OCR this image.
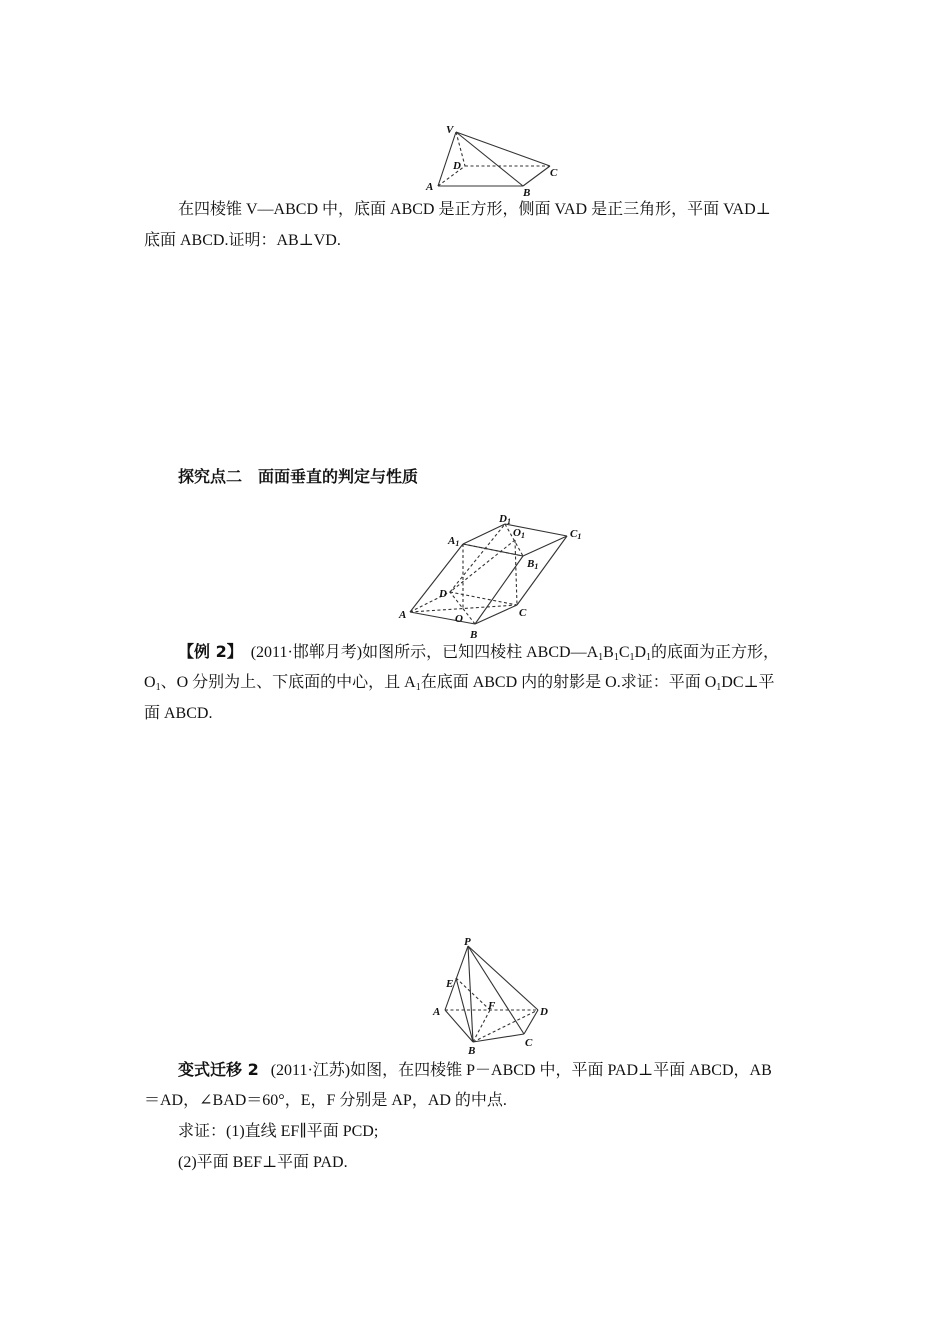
V
D
A	B
C

在四棱锥 V—ABCD 中，底面 ABCD 是正方形，侧面 VAD 是正三角形，平面 VAD⊥

底面 ABCD.证明：AB⊥VD.

探究点二　面面垂直的判定与性质
D1
O1	C1
A1
B1
D
A	O	C
B

【例 2】 (2011·邯郸月考)如图所示，已知四棱柱 $ABCD—A_1B_1C_1D_1$的底面为正方形，

$O_1$、O 分别为上、下底面的中心，且 $A_1$在底面 ABCD 内的射影是 O.求证：平面 $O_1DC\perp$平

面 ABCD.

P
E
F
A	D
B
C

变式迁移 2 (2011·江苏)如图，在四棱锥 P－ABCD 中，平面 PAD⊥平面 ABCD，AB

＝AD，∠BAD＝60°，E，F 分别是 AP，AD 的中点.

求证：(1)直线 EF∥平面 PCD;

(2)平面 BEF⊥平面 PAD.
